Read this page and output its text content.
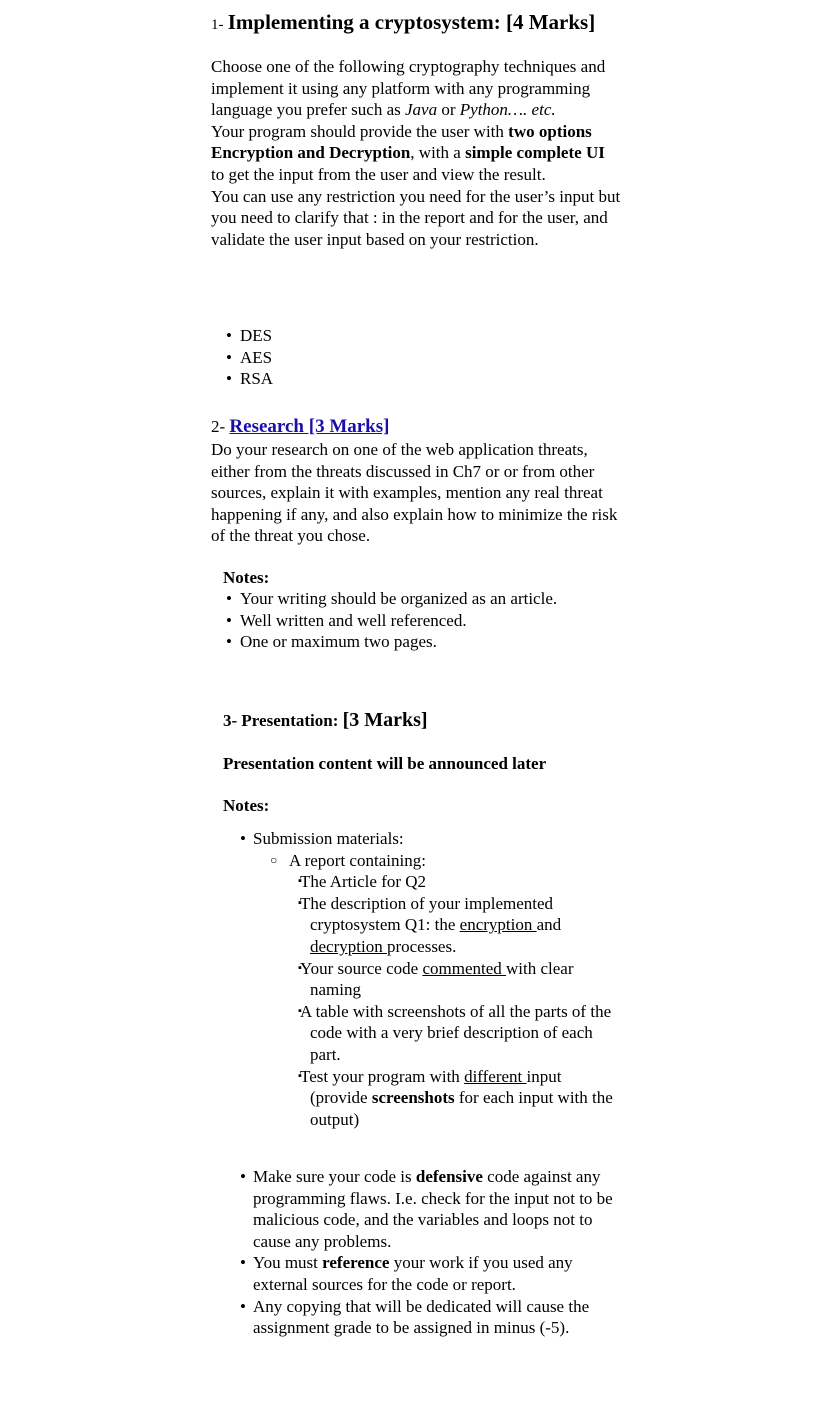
1- Implementing a cryptosystem: [4 Marks]
Choose one of the following cryptography techniques and implement it using any platform with any programming language you prefer such as Java or Python…. etc.
Your program should provide the user with two options Encryption and Decryption, with a simple complete UI to get the input from the user and view the result.
You can use any restriction you need for the user’s input but you need to clarify that : in the report and for the user, and validate the user input based on your restriction.
• DES
• AES
• RSA
2- Research [3 Marks]
Do your research on one of the web application threats, either from the threats discussed in Ch7 or or from other sources, explain it with examples, mention any real threat happening if any, and also explain how to minimize the risk of the threat you chose.
Notes:
• Your writing should be organized as an article.
• Well written and well referenced.
• One or maximum two pages.
3- Presentation: [3 Marks]
Presentation content will be announced later
Notes:
• Submission materials:
○ A report containing:
▪ The Article for Q2
▪ The description of your implemented cryptosystem Q1: the encryption and decryption processes.
▪ Your source code commented with clear naming
▪ A table with screenshots of all the parts of the code with a very brief description of each part.
▪ Test your program with different input (provide screenshots for each input with the output)
• Make sure your code is defensive code against any programming flaws. I.e. check for the input not to be malicious code, and the variables and loops not to cause any problems.
• You must reference your work if you used any external sources for the code or report.
• Any copying that will be dedicated will cause the assignment grade to be assigned in minus (-5).
